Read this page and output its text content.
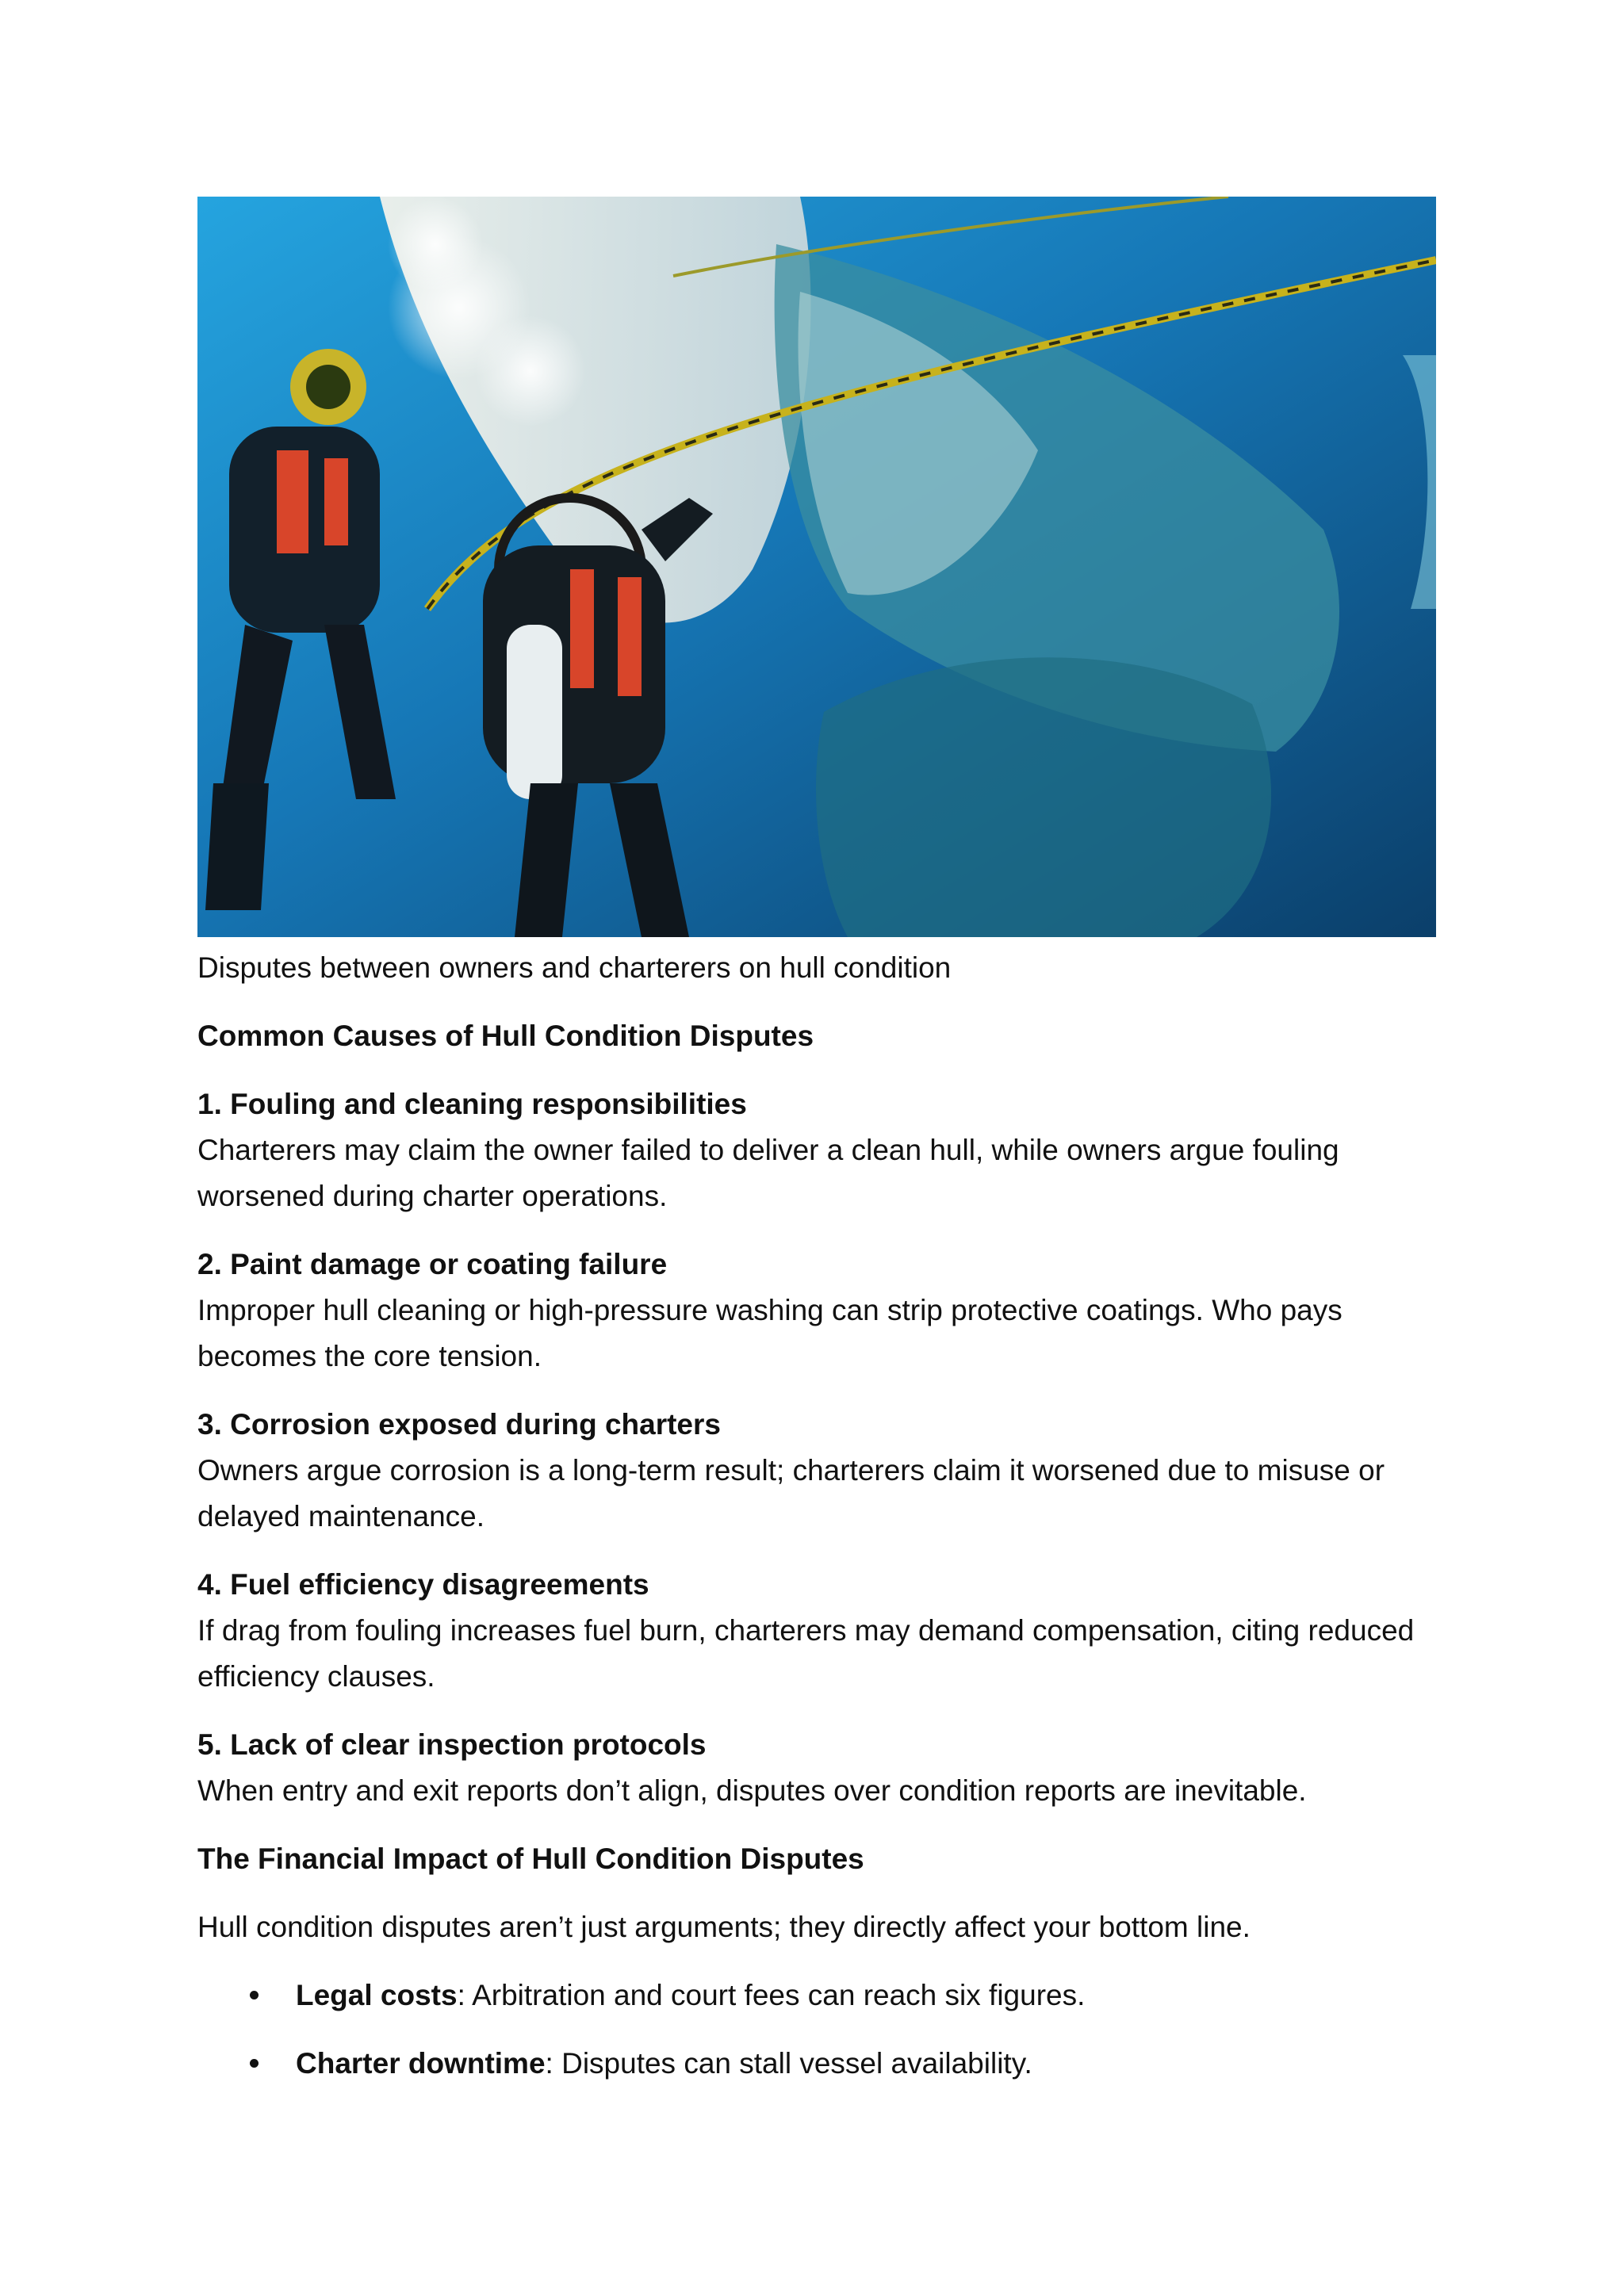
Disputes between owners and charterers on hull condition
Common Causes of Hull Condition Disputes
1. Fouling and cleaning responsibilities
Charterers may claim the owner failed to deliver a clean hull, while owners argue fouling worsened during charter operations.
2. Paint damage or coating failure
Improper hull cleaning or high-pressure washing can strip protective coatings. Who pays becomes the core tension.
3. Corrosion exposed during charters
Owners argue corrosion is a long-term result; charterers claim it worsened due to misuse or delayed maintenance.
4. Fuel efficiency disagreements
If drag from fouling increases fuel burn, charterers may demand compensation, citing reduced efficiency clauses.
5. Lack of clear inspection protocols
When entry and exit reports don’t align, disputes over condition reports are inevitable.
The Financial Impact of Hull Condition Disputes
Hull condition disputes aren’t just arguments; they directly affect your bottom line.
Legal costs: Arbitration and court fees can reach six figures.
Charter downtime: Disputes can stall vessel availability.
